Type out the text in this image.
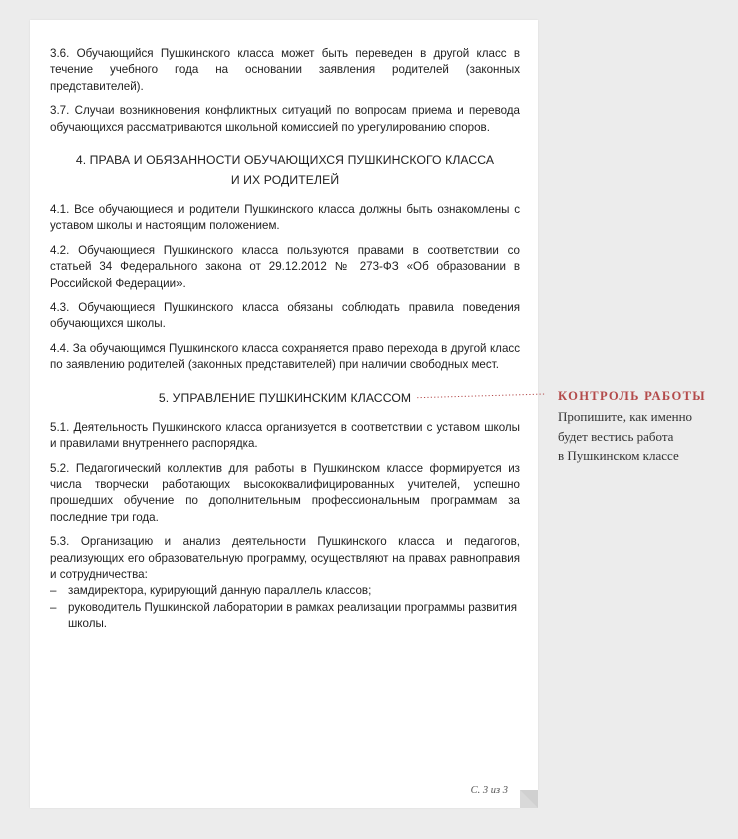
3.6. Обучающийся Пушкинского класса может быть переведен в другой класс в течение учебного года на основании заявления родителей (законных представителей).

3.7. Случаи возникновения конфликтных ситуаций по вопросам приема и перевода обучающихся рассматриваются школьной комиссией по урегулированию споров.

4. ПРАВА И ОБЯЗАННОСТИ ОБУЧАЮЩИХСЯ ПУШКИНСКОГО КЛАССА
И ИХ РОДИТЕЛЕЙ

4.1. Все обучающиеся и родители Пушкинского класса должны быть ознакомлены с уставом школы и настоящим положением.

4.2. Обучающиеся Пушкинского класса пользуются правами в соответствии со статьей 34 Федерального закона от 29.12.2012 № 273-ФЗ «Об образовании в Российской Федерации».

4.3. Обучающиеся Пушкинского класса обязаны соблюдать правила поведения обучающихся школы.

4.4. За обучающимся Пушкинского класса сохраняется право перехода в другой класс по заявлению родителей (законных представителей) при наличии свободных мест.

5. УПРАВЛЕНИЕ ПУШКИНСКИМ КЛАССОМ

5.1. Деятельность Пушкинского класса организуется в соответствии с уставом школы и правилами внутреннего распорядка.

5.2. Педагогический коллектив для работы в Пушкинском классе формируется из числа творчески работающих высококвалифицированных учителей, успешно прошедших обучение по дополнительным профессиональным программам за последние три года.

5.3. Организацию и анализ деятельности Пушкинского класса и педагогов, реализующих его образовательную программу, осуществляют на правах равноправия и сотрудничества:

– замдиректора, курирующий данную параллель классов;
– руководитель Пушкинской лаборатории в рамках реализации программы развития школы.
С. 3 из 3
КОНТРОЛЬ РАБОТЫ
Пропишите, как именно
будет вестись работа
в Пушкинском классе
